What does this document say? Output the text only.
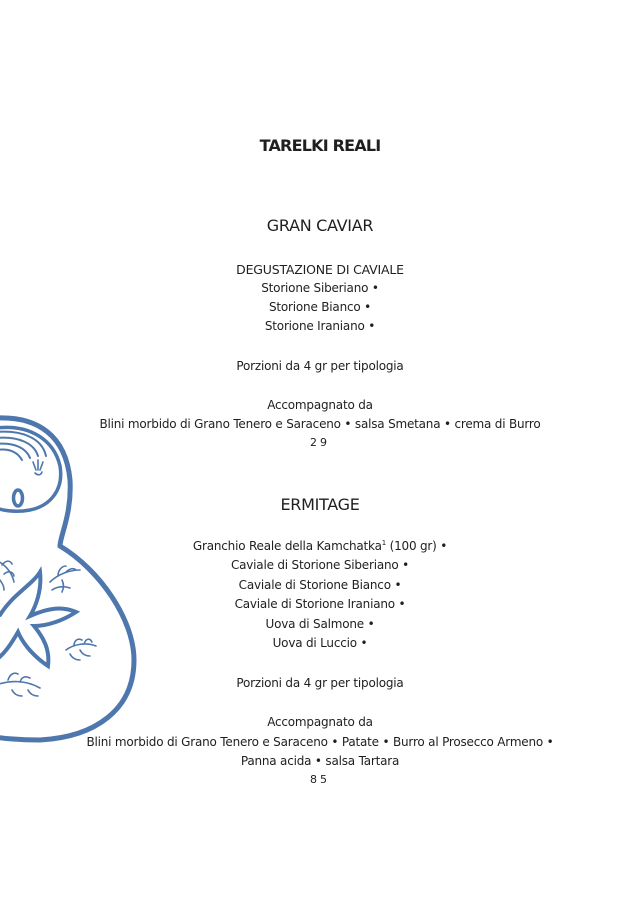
TARELKI REALI
GRAN CAVIAR
DEGUSTAZIONE DI CAVIALE
Storione Siberiano •
Storione Bianco •
Storione Iraniano •
Porzioni da 4 gr per tipologia
Accompagnato da
Blini morbido di Grano Tenero e Saraceno • salsa Smetana • crema di Burro
29
ERMITAGE
Granchio Reale della Kamchatka$^1$ (100 gr) •
Caviale di Storione Siberiano •
Caviale di Storione Bianco •
Caviale di Storione Iraniano •
Uova di Salmone •
Uova di Luccio •
Porzioni da 4 gr per tipologia
Accompagnato da
Blini morbido di Grano Tenero e Saraceno • Patate • Burro al Prosecco Armeno •
Panna acida • salsa Tartara
85
